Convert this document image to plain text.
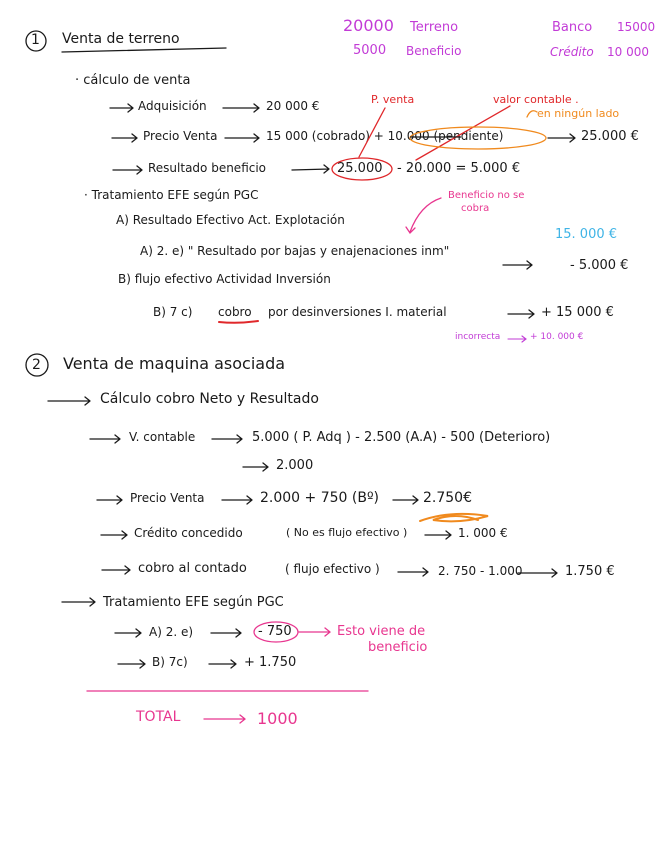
20000 Terreno
5000 Beneficio
Banco 15000
Crédito 10 000
1 Venta de terreno
· cálculo de venta
Adquisición	20 000 €	P. venta	valor contable .
en ningún lado
Precio Venta	15 000 (cobrado) + 10.000 (pendiente)	25.000 €
Resultado beneficio	25.000 - 20.000 = 5.000 €
· Tratamiento EFE según PGC	Beneficio no se
cobra
A) Resultado Efectivo Act. Explotación
15. 000 €
A) 2. e) " Resultado por bajas y enajenaciones inm"
- 5.000 €
B) flujo efectivo Actividad Inversión
B) 7 c) cobro por desinversiones I. material	+ 15 000 €
incorrecta	+ 10. 000 €
2 Venta de maquina asociada
Cálculo cobro Neto y Resultado
V. contable	5.000 ( P. Adq ) - 2.500 (A.A) - 500 (Deterioro)
2.000
Precio Venta	2.000 + 750 (Bº)	2.750€
Crédito concedido	( No es flujo efectivo )	1. 000 €
cobro al contado	( flujo efectivo )	2. 750 - 1.000	1.750 €
Tratamiento EFE según PGC
A) 2. e)	- 750	Esto viene de
beneficio
B) 7c)	+ 1.750
TOTAL	1000
